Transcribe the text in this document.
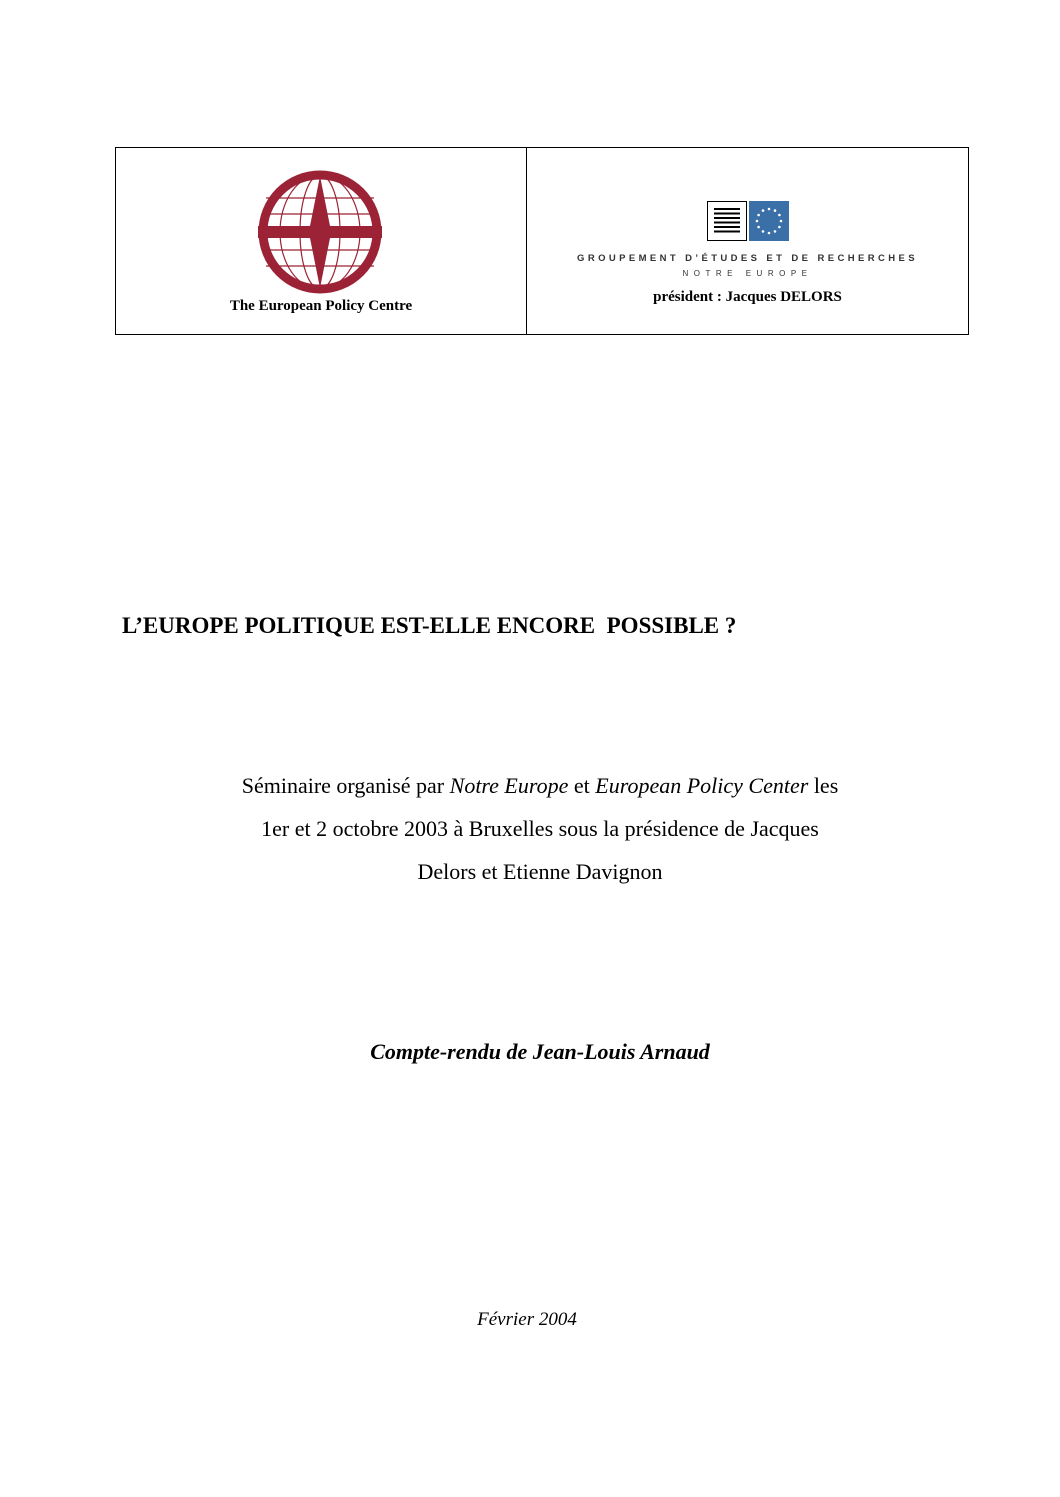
The European Policy Centre
GROUPEMENT D’ÉTUDES ET DE RECHERCHES
NOTRE EUROPE
président : Jacques DELORS
L’EUROPE POLITIQUE EST-ELLE ENCORE  POSSIBLE ?
Séminaire organisé par Notre Europe et European Policy Center les 1er et 2 octobre 2003 à Bruxelles sous la présidence de Jacques Delors et Etienne Davignon
Compte-rendu de Jean-Louis Arnaud
Février 2004
